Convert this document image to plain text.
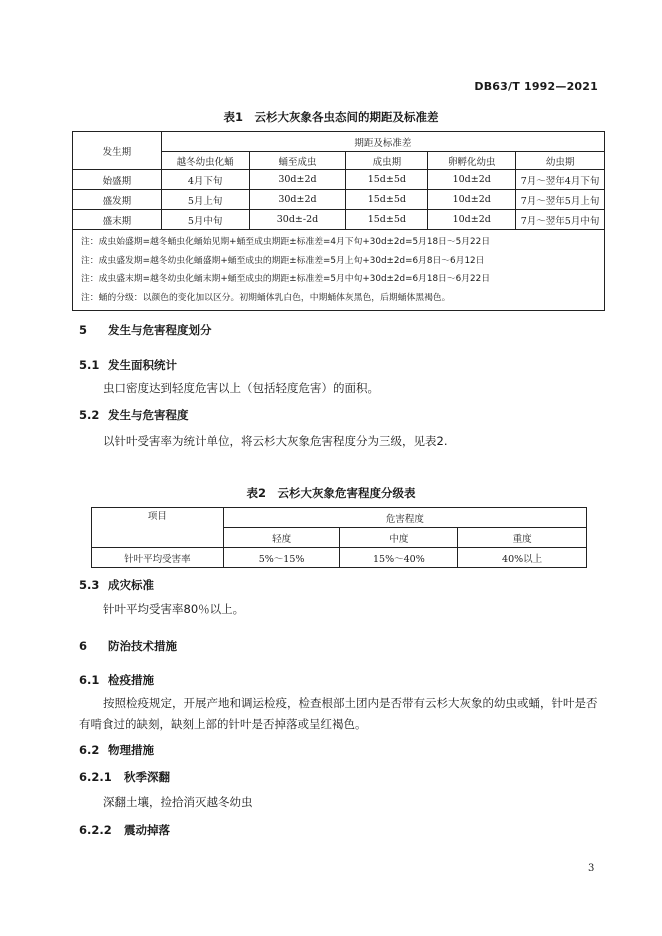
DB63/T 1992—2021
表1　云杉大灰象各虫态间的期距及标准差
发生期	期距及标准差				
	越冬幼虫化蛹	蛹至成虫	成虫期	卵孵化幼虫	幼虫期
始盛期	4月下旬	30d±2d	15d±5d	10d±2d	7月～翌年4月下旬
盛发期	5月上旬	30d±2d	15d±5d	10d±2d	7月～翌年5月上旬
盛末期	5月中旬	30d±-2d	15d±5d	10d±2d	7月～翌年5月中旬

注：成虫始盛期=越冬蛹虫化蛹始见期+蛹至成虫期距±标准差=4月下旬+30d±2d=5月18日～5月22日
注：成虫盛发期=越冬幼虫化蛹盛期+蛹至成虫的期距±标准差=5月上旬+30d±2d=6月8日～6月12日
注：成虫盛末期=越冬幼虫化蛹末期+蛹至成虫的期距±标准差=5月中旬+30d±2d=6月18日～6月22日
注：蛹的分级：以颜色的变化加以区分。初期蛹体乳白色，中期蛹体灰黑色，后期蛹体黑褐色。					
5 发生与危害程度划分
5.1 发生面积统计
虫口密度达到轻度危害以上（包括轻度危害）的面积。
5.2 发生与危害程度
以针叶受害率为统计单位，将云杉大灰象危害程度分为三级，见表2.
表2　云杉大灰象危害程度分级表
项目	危害程度		
	轻度	中度	重度
针叶平均受害率	5%～15%	15%～40%	40%以上
5.3 成灾标准
针叶平均受害率80％以上。
6 防治技术措施
6.1 检疫措施
按照检疫规定，开展产地和调运检疫，检查根部土团内是否带有云杉大灰象的幼虫或蛹，针叶是否有啃食过的缺刻，缺刻上部的针叶是否掉落或呈红褐色。
6.2 物理措施
6.2.1 秋季深翻
深翻土壤，捡拾消灭越冬幼虫
6.2.2 震动掉落
3
